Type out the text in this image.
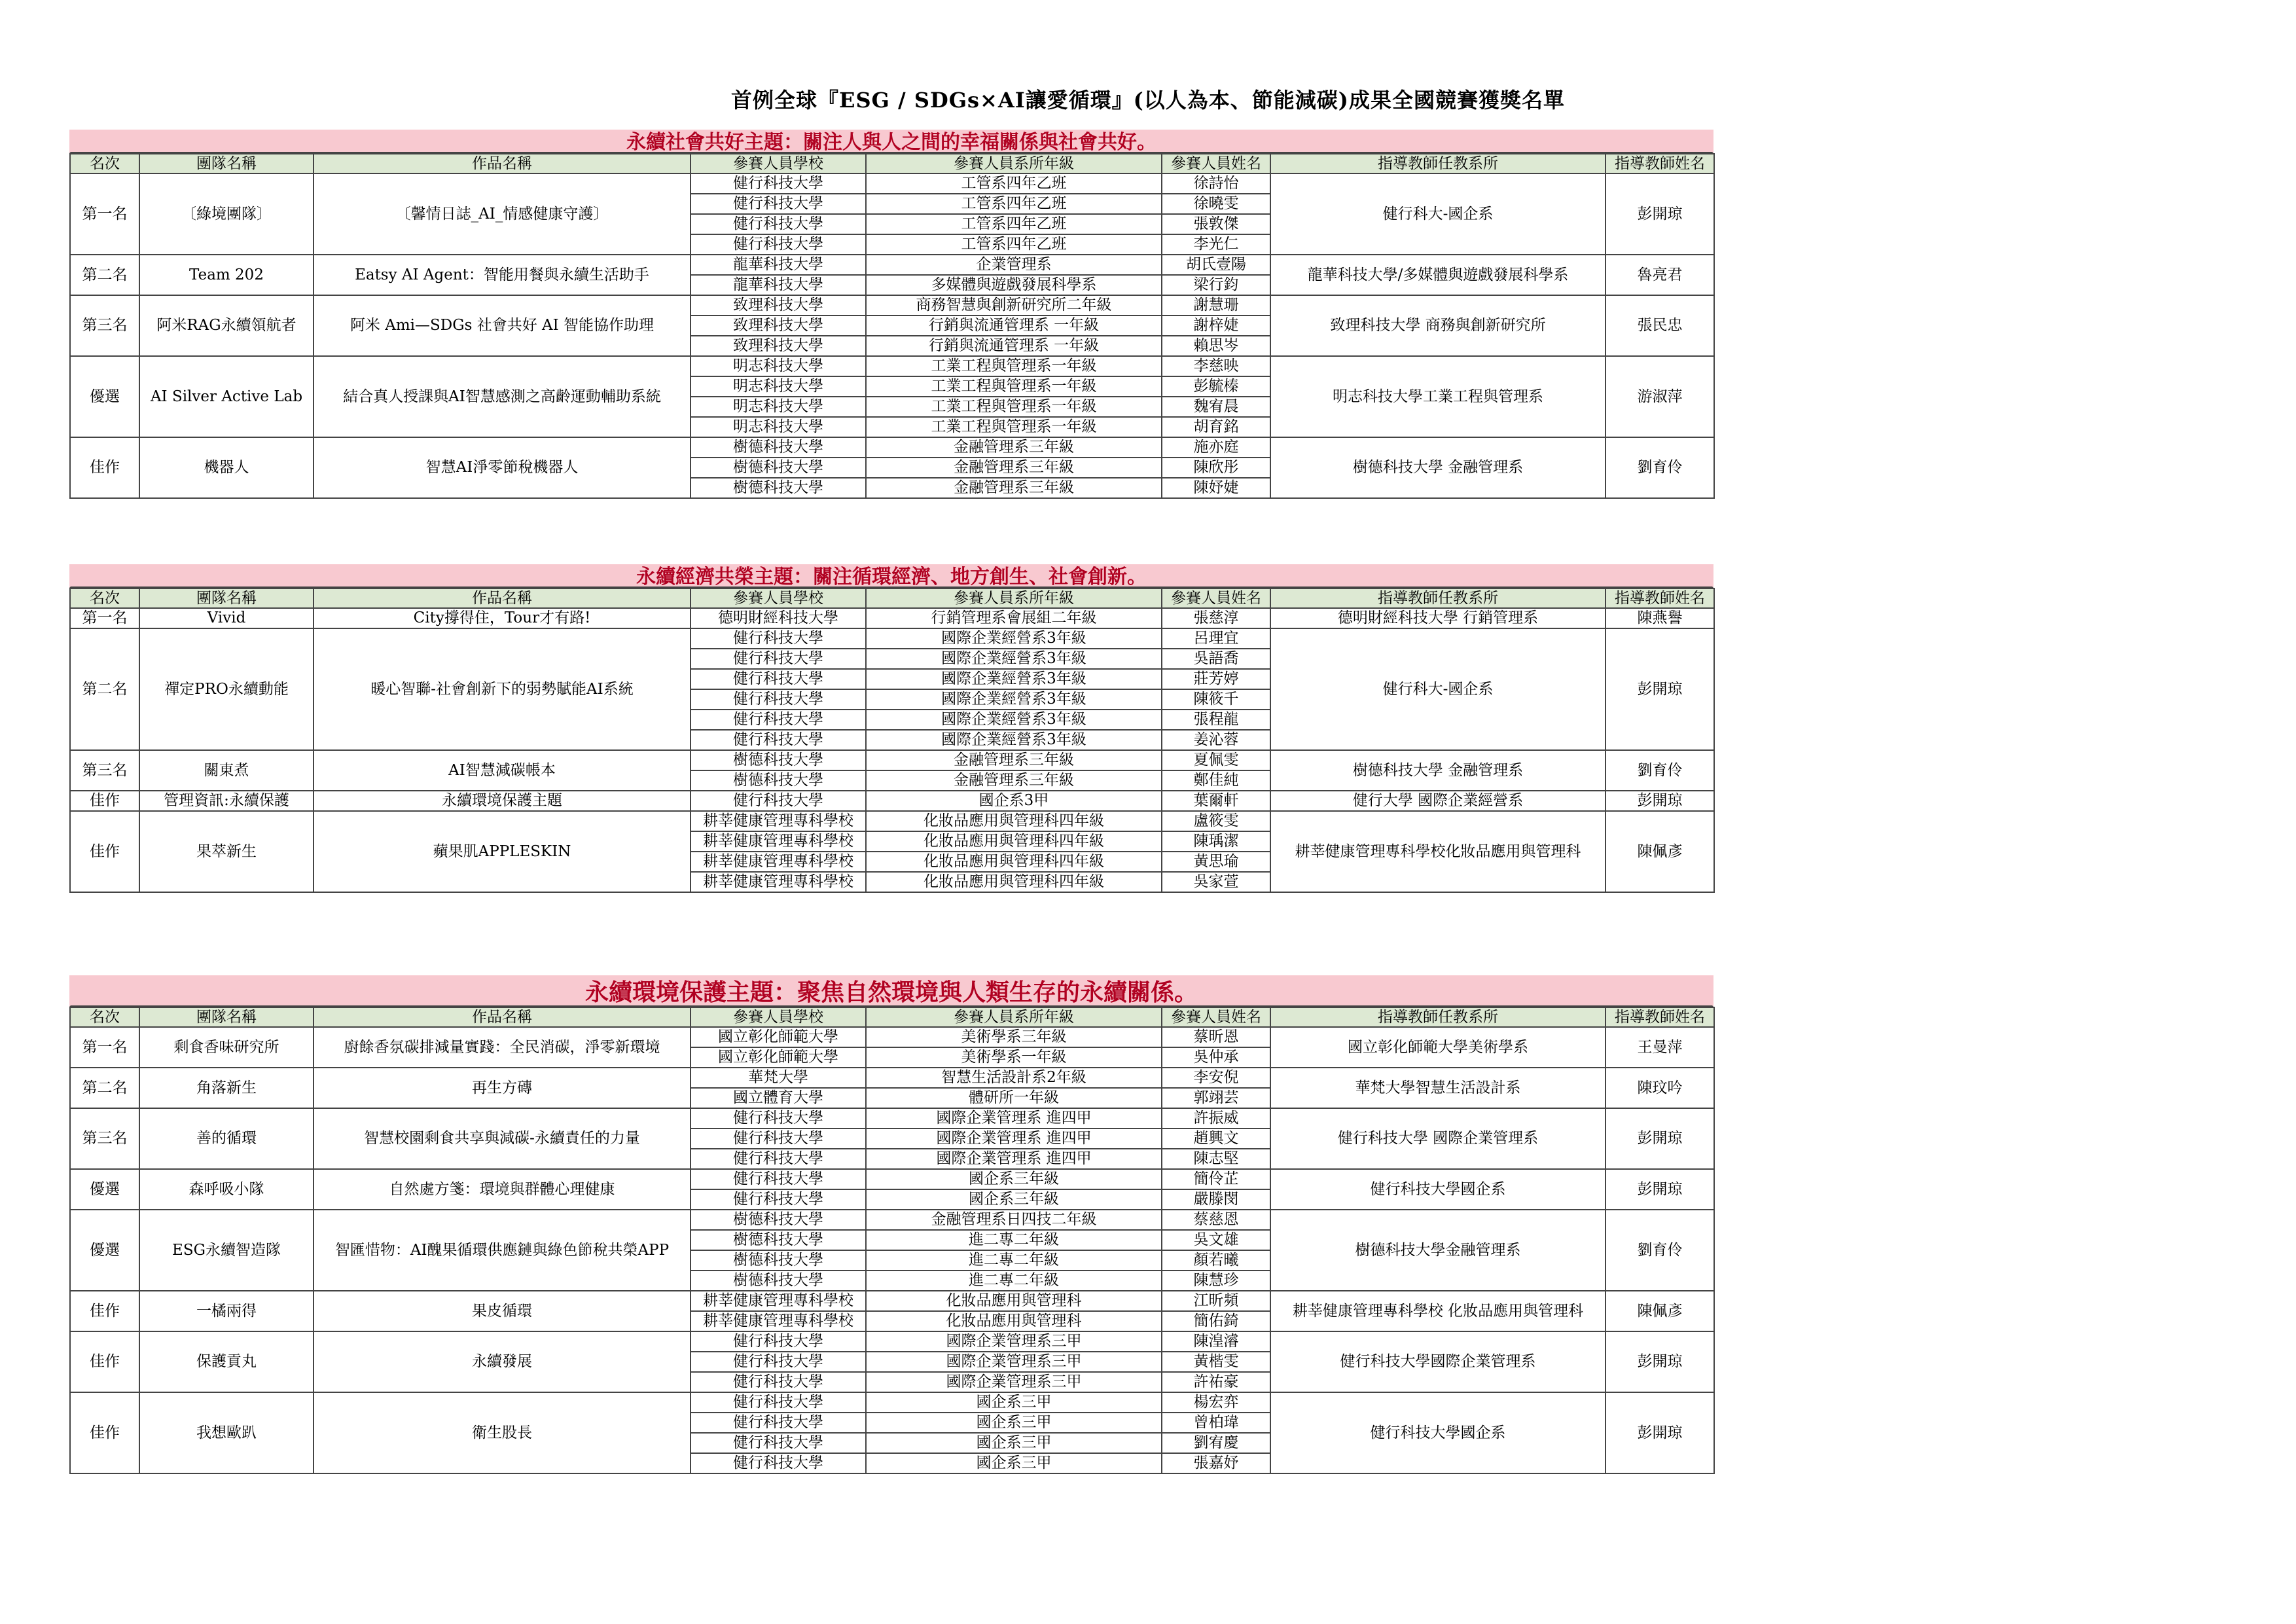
首例全球『ESG / SDGs×AI讓愛循環』(以人為本、節能減碳)成果全國競賽獲獎名單
永續社會共好主題：關注人與人之間的幸福關係與社會共好。
名次	團隊名稱	作品名稱	參賽人員學校	參賽人員系所年級	參賽人員姓名	指導教師任教系所	指導教師姓名
第一名	〔綠境團隊〕	〔馨情日誌_AI_情感健康守護〕	健行科技大學	工管系四年乙班	徐詩怡	健行科大-國企系	彭開琼
			健行科技大學	工管系四年乙班	徐曉雯		
			健行科技大學	工管系四年乙班	張敦傑		
			健行科技大學	工管系四年乙班	李光仁		
第二名	Team 202	Eatsy AI Agent：智能用餐與永續生活助手	龍華科技大學	企業管理系	胡氏壹陽	龍華科技大學/多媒體與遊戲發展科學系	魯亮君
			龍華科技大學	多媒體與遊戲發展科學系	梁行鈞		
第三名	阿米RAG永續領航者	阿米 Ami—SDGs 社會共好 AI 智能協作助理	致理科技大學	商務智慧與創新研究所二年級	謝慧珊	致理科技大學 商務與創新研究所	張民忠
			致理科技大學	行銷與流通管理系 一年級	謝梓婕		
			致理科技大學	行銷與流通管理系 一年級	賴思岑		
優選	AI Silver Active Lab	結合真人授課與AI智慧感測之高齡運動輔助系統	明志科技大學	工業工程與管理系一年級	李慈映	明志科技大學工業工程與管理系	游淑萍
			明志科技大學	工業工程與管理系一年級	彭毓榛		
			明志科技大學	工業工程與管理系一年級	魏宥晨		
			明志科技大學	工業工程與管理系一年級	胡育銘		
佳作	機器人	智慧AI淨零節稅機器人	樹德科技大學	金融管理系三年級	施亦庭	樹德科技大學 金融管理系	劉育伶
			樹德科技大學	金融管理系三年級	陳欣彤		
			樹德科技大學	金融管理系三年級	陳妤婕		
永續經濟共榮主題：關注循環經濟、地方創生、社會創新。
名次	團隊名稱	作品名稱	參賽人員學校	參賽人員系所年級	參賽人員姓名	指導教師任教系所	指導教師姓名
第一名	Vivid	City撐得住，Tour才有路!	德明財經科技大學	行銷管理系會展組二年級	張慈淳	德明財經科技大學 行銷管理系	陳燕譽
第二名	禪定PRO永續動能	暖心智聯-社會創新下的弱勢賦能AI系統	健行科技大學	國際企業經營系3年級	呂理宜	健行科大-國企系	彭開琼
			健行科技大學	國際企業經營系3年級	吳語喬		
			健行科技大學	國際企業經營系3年級	莊芳婷		
			健行科技大學	國際企業經營系3年級	陳筱千		
			健行科技大學	國際企業經營系3年級	張程龍		
			健行科技大學	國際企業經營系3年級	姜沁蓉		
第三名	關東煮	AI智慧減碳帳本	樹德科技大學	金融管理系三年級	夏佩雯	樹德科技大學 金融管理系	劉育伶
			樹德科技大學	金融管理系三年級	鄭佳純		
佳作	管理資訊:永續保護	永續環境保護主題	健行科技大學	國企系3甲	葉爾軒	健行大學 國際企業經營系	彭開琼
佳作	果萃新生	蘋果肌APPLESKIN	耕莘健康管理專科學校	化妝品應用與管理科四年級	盧筱雯	耕莘健康管理專科學校化妝品應用與管理科	陳佩彥
			耕莘健康管理專科學校	化妝品應用與管理科四年級	陳瑀潔		
			耕莘健康管理專科學校	化妝品應用與管理科四年級	黃思瑜		
			耕莘健康管理專科學校	化妝品應用與管理科四年級	吳家萱		
永續環境保護主題：聚焦自然環境與人類生存的永續關係。
名次	團隊名稱	作品名稱	參賽人員學校	參賽人員系所年級	參賽人員姓名	指導教師任教系所	指導教師姓名
第一名	剩食香味研究所	廚餘香氛碳排減量實踐：全民消碳，淨零新環境	國立彰化師範大學	美術學系三年級	蔡昕恩	國立彰化師範大學美術學系	王曼萍
			國立彰化師範大學	美術學系一年級	吳仲承		
第二名	角落新生	再生方磚	華梵大學	智慧生活設計系2年級	李安倪	華梵大學智慧生活設計系	陳玟吟
			國立體育大學	體研所一年級	郭翊芸		
第三名	善的循環	智慧校園剩食共享與減碳-永續責任的力量	健行科技大學	國際企業管理系 進四甲	許振威	健行科技大學 國際企業管理系	彭開琼
			健行科技大學	國際企業管理系 進四甲	趙興文		
			健行科技大學	國際企業管理系 進四甲	陳志堅		
優選	森呼吸小隊	自然處方箋：環境與群體心理健康	健行科技大學	國企系三年級	簡伶芷	健行科技大學國企系	彭開琼
			健行科技大學	國企系三年級	嚴滕閔		
優選	ESG永續智造隊	智匯惜物：AI醜果循環供應鏈與綠色節稅共榮APP	樹德科技大學	金融管理系日四技二年級	蔡慈恩	樹德科技大學金融管理系	劉育伶
			樹德科技大學	進二專二年級	吳文雄		
			樹德科技大學	進二專二年級	顏若曦		
			樹德科技大學	進二專二年級	陳慧珍		
佳作	一橘兩得	果皮循環	耕莘健康管理專科學校	化妝品應用與管理科	江昕頻	耕莘健康管理專科學校 化妝品應用與管理科	陳佩彥
			耕莘健康管理專科學校	化妝品應用與管理科	簡佑錡		
佳作	保護貢丸	永續發展	健行科技大學	國際企業管理系三甲	陳湟濬	健行科技大學國際企業管理系	彭開琼
			健行科技大學	國際企業管理系三甲	黃楷雯		
			健行科技大學	國際企業管理系三甲	許祐豪		
佳作	我想歐趴	衛生股長	健行科技大學	國企系三甲	楊宏弈	健行科技大學國企系	彭開琼
			健行科技大學	國企系三甲	曾柏瑋		
			健行科技大學	國企系三甲	劉宥慶		
			健行科技大學	國企系三甲	張嘉妤		
